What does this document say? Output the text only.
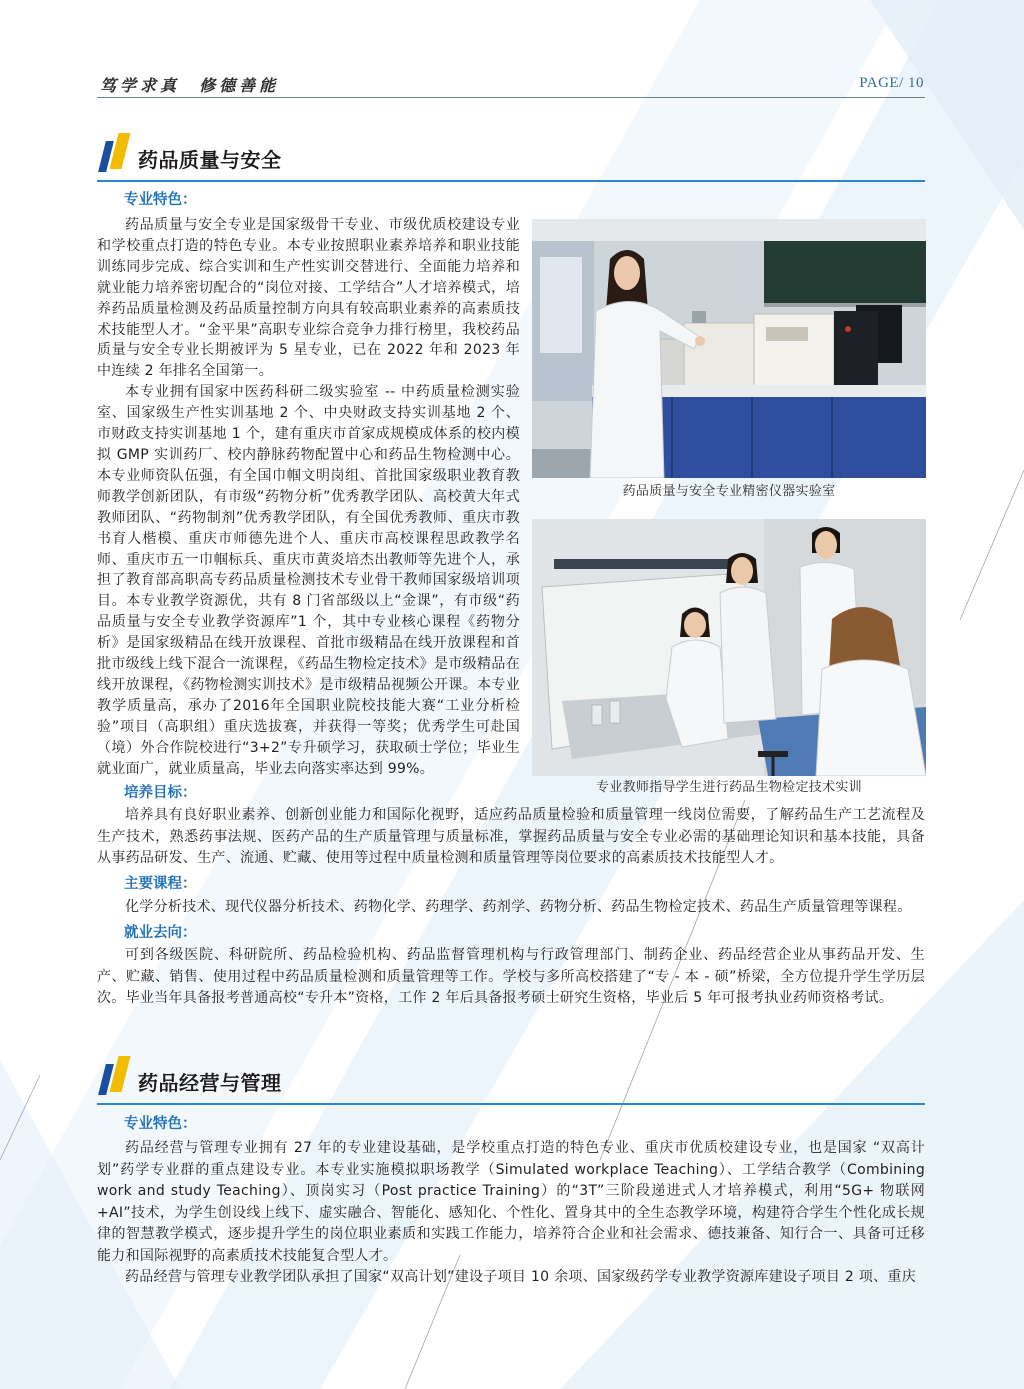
笃学求真  修德善能	PAGE/ 10
药品质量与安全
专业特色：

药品质量与安全专业是国家级骨干专业、市级优质校建设专业和学校重点打造的特色专业。本专业按照职业素养培养和职业技能训练同步完成、综合实训和生产性实训交替进行、全面能力培养和就业能力培养密切配合的“岗位对接、工学结合”人才培养模式，培养药品质量检测及药品质量控制方向具有较高职业素养的高素质技术技能型人才。“金平果”高职专业综合竞争力排行榜里，我校药品质量与安全专业长期被评为 5 星专业，已在 2022 年和 2023 年中连续 2 年排名全国第一。

本专业拥有国家中医药科研二级实验室 -- 中药质量检测实验室、国家级生产性实训基地 2 个、中央财政支持实训基地 2 个、市财政支持实训基地 1 个，建有重庆市首家成规模成体系的校内模拟 GMP 实训药厂、校内静脉药物配置中心和药品生物检测中心。本专业师资队伍强，有全国巾帼文明岗组、首批国家级职业教育教师教学创新团队，有市级“药物分析”优秀教学团队、高校黄大年式教师团队、“药物制剂”优秀教学团队，有全国优秀教师、重庆市教书育人楷模、重庆市师德先进个人、重庆市高校课程思政教学名师、重庆市五一巾帼标兵、重庆市黄炎培杰出教师等先进个人，承担了教育部高职高专药品质量检测技术专业骨干教师国家级培训项目。本专业教学资源优，共有 8 门省部级以上“金课”，有市级“药品质量与安全专业教学资源库”1 个，其中专业核心课程《药物分析》是国家级精品在线开放课程、首批市级精品在线开放课程和首批市级线上线下混合一流课程，《药品生物检定技术》是市级精品在线开放课程，《药物检测实训技术》是市级精品视频公开课。本专业教学质量高，承办了2016年全国职业院校技能大赛“工业分析检验”项目（高职组）重庆选拔赛，并获得一等奖；优秀学生可赴国（境）外合作院校进行“3+2”专升硕学习，获取硕士学位；毕业生就业面广，就业质量高，毕业去向落实率达到 99%。

药品质量与安全专业精密仪器实验室
专业教师指导学生进行药品生物检定技术实训
培养目标：

培养具有良好职业素养、创新创业能力和国际化视野，适应药品质量检验和质量管理一线岗位需要，了解药品生产工艺流程及生产技术，熟悉药事法规、医药产品的生产质量管理与质量标准，掌握药品质量与安全专业必需的基础理论知识和基本技能，具备从事药品研发、生产、流通、贮藏、使用等过程中质量检测和质量管理等岗位要求的高素质技术技能型人才。

主要课程：

化学分析技术、现代仪器分析技术、药物化学、药理学、药剂学、药物分析、药品生物检定技术、药品生产质量管理等课程。

就业去向：

可到各级医院、科研院所、药品检验机构、药品监督管理机构与行政管理部门、制药企业、药品经营企业从事药品开发、生产、贮藏、销售、使用过程中药品质量检测和质量管理等工作。学校与多所高校搭建了“专 - 本 - 硕”桥梁，全方位提升学生学历层次。毕业当年具备报考普通高校“专升本”资格，工作 2 年后具备报考硕士研究生资格，毕业后 5 年可报考执业药师资格考试。

药品经营与管理
专业特色：

药品经营与管理专业拥有 27 年的专业建设基础，是学校重点打造的特色专业、重庆市优质校建设专业，也是国家 “双高计划”药学专业群的重点建设专业。本专业实施模拟职场教学（Simulated workplace Teaching）、工学结合教学（Combining work and study Teaching）、顶岗实习（Post practice Training）的“3T”三阶段递进式人才培养模式，利用“5G+ 物联网 +AI”技术，为学生创设线上线下、虚实融合、智能化、感知化、个性化、置身其中的全生态教学环境，构建符合学生个性化成长规律的智慧教学模式，逐步提升学生的岗位职业素质和实践工作能力，培养符合企业和社会需求、德技兼备、知行合一、具备可迁移能力和国际视野的高素质技术技能复合型人才。

药品经营与管理专业教学团队承担了国家“双高计划”建设子项目 10 余项、国家级药学专业教学资源库建设子项目 2 项、重庆
